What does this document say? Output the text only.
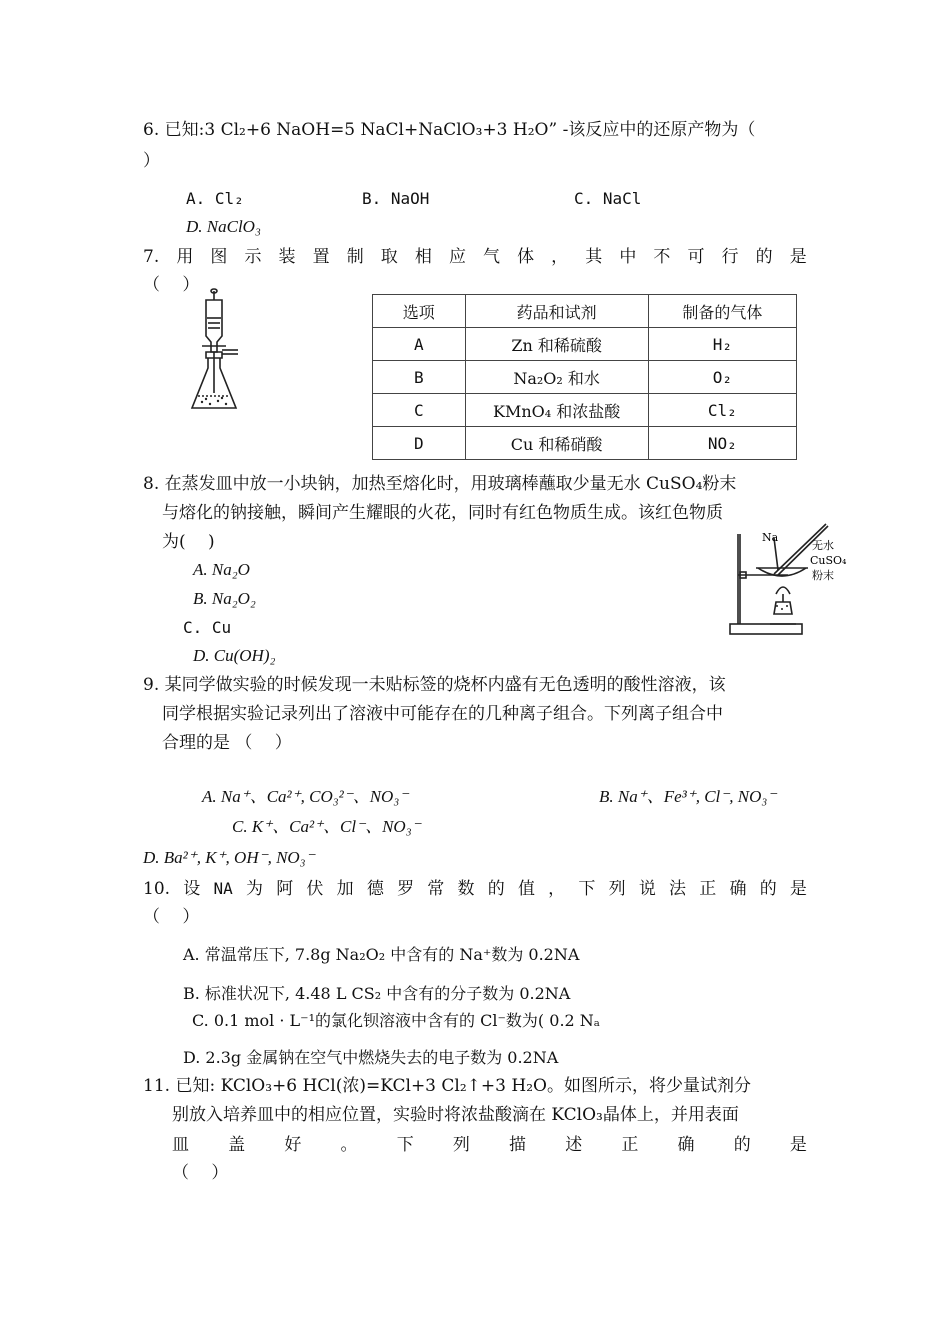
6. 已知:3 Cl₂+6 NaOH=5 NaCl+NaClO₃+3 H₂O” -该反应中的还原产物为（
）
A. Cl₂	B. NaOH	C. NaCl
D. NaClO₃
7. 用 图 示 装 置 制 取 相 应 气 体 ， 其 中 不 可 行 的 是
（　 ）
选项	药品和试剂	制备的气体
A	Zn 和稀硫酸	H₂
B	Na₂O₂ 和水	O₂
C	KMnO₄ 和浓盐酸	Cl₂
D	Cu 和稀硝酸	NO₂
8. 在蒸发皿中放一小块钠，加热至熔化时，用玻璃棒蘸取少量无水 CuSO₄粉末
与熔化的钠接触，瞬间产生耀眼的火花，同时有红色物质生成。该红色物质
为(　 )
A. Na₂O
B. Na₂O₂
C. Cu
D. Cu(OH)₂
Na
无水
CuSO₄
粉末
9. 某同学做实验的时候发现一未贴标签的烧杯内盛有无色透明的酸性溶液，该
同学根据实验记录列出了溶液中可能存在的几种离子组合。下列离子组合中
合理的是 （　 ）
A. Na⁺、Ca²⁺, CO₃²⁻、NO₃⁻	B. Na⁺、Fe³⁺, Cl⁻, NO₃⁻
C. K⁺、Ca²⁺、Cl⁻、NO₃⁻
D. Ba²⁺, K⁺, OH⁻, NO₃⁻
10. 设 NA 为 阿 伏 加 德 罗 常 数 的 值 ， 下 列 说 法 正 确 的 是
（　 ）
A. 常温常压下, 7.8g Na₂O₂ 中含有的 Na⁺数为 0.2NA
B. 标准状况下, 4.48 L CS₂ 中含有的分子数为 0.2NA
C. 0.1 mol · L⁻¹的氯化钡溶液中含有的 Cl⁻数为( 0.2 Nₐ
D. 2.3g 金属钠在空气中燃烧失去的电子数为 0.2NA
11. 已知: KClO₃+6 HCl(浓)=KCl+3 Cl₂↑+3 H₂O。如图所示，将少量试剂分
别放入培养皿中的相应位置，实验时将浓盐酸滴在 KClO₃晶体上，并用表面
皿 盖 好 。 下 列 描 述 正 确 的 是
（　 ）
